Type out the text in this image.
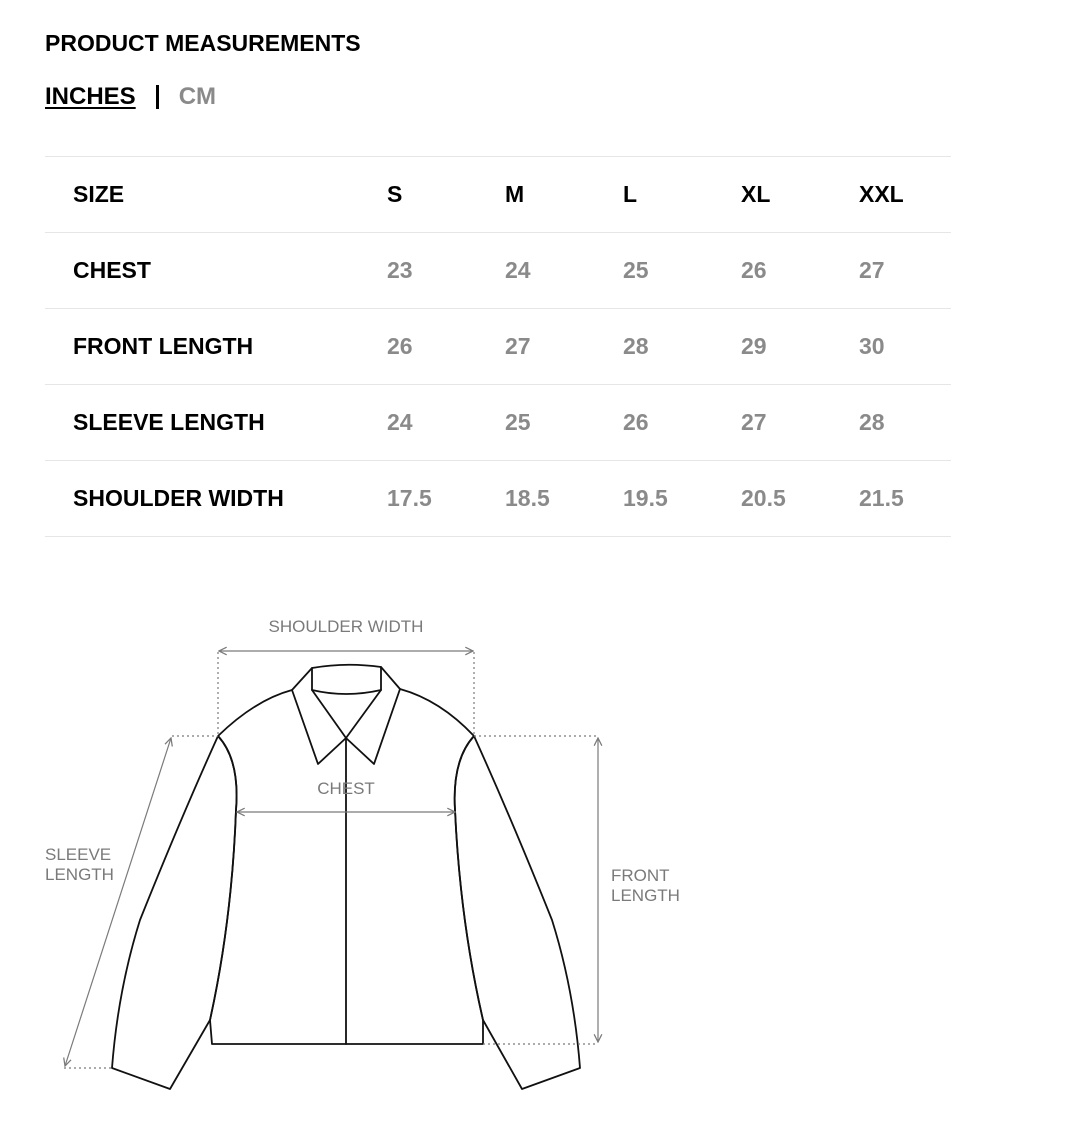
PRODUCT MEASUREMENTS
INCHES CM
SIZE	S	M	L	XL	XXL
CHEST	23	24	25	26	27
FRONT LENGTH	26	27	28	29	30
SLEEVE LENGTH	24	25	26	27	28
SHOULDER WIDTH	17.5	18.5	19.5	20.5	21.5
SHOULDER WIDTH
CHEST
SLEEVE
LENGTH	FRONT
LENGTH
